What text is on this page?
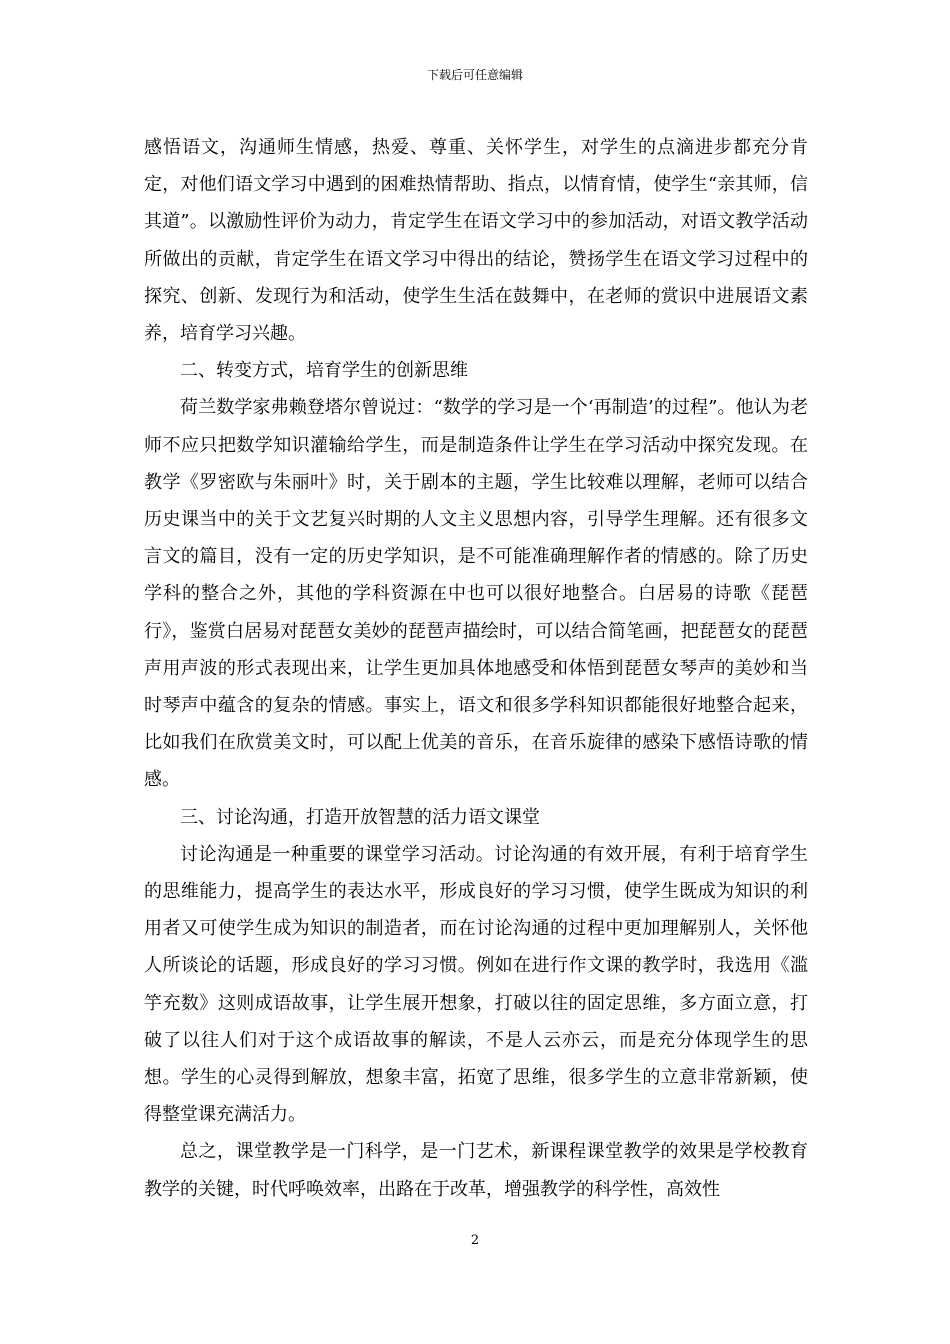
下载后可任意编辑

感悟语文，沟通师生情感，热爱、尊重、关怀学生，对学生的点滴进步都充分肯定，对他们语文学习中遇到的困难热情帮助、指点，以情育情，使学生“亲其师，信其道”。以激励性评价为动力，肯定学生在语文学习中的参加活动，对语文教学活动所做出的贡献，肯定学生在语文学习中得出的结论，赞扬学生在语文学习过程中的探究、创新、发现行为和活动，使学生生活在鼓舞中，在老师的赏识中进展语文素养，培育学习兴趣。

二、转变方式，培育学生的创新思维

荷兰数学家弗赖登塔尔曾说过：“数学的学习是一个‘再制造’的过程”。他认为老师不应只把数学知识灌输给学生，而是制造条件让学生在学习活动中探究发现。在教学《罗密欧与朱丽叶》时，关于剧本的主题，学生比较难以理解，老师可以结合历史课当中的关于文艺复兴时期的人文主义思想内容，引导学生理解。还有很多文言文的篇目，没有一定的历史学知识，是不可能准确理解作者的情感的。除了历史学科的整合之外，其他的学科资源在中也可以很好地整合。白居易的诗歌《琵琶行》，鉴赏白居易对琵琶女美妙的琵琶声描绘时，可以结合简笔画，把琵琶女的琵琶声用声波的形式表现出来，让学生更加具体地感受和体悟到琵琶女琴声的美妙和当时琴声中蕴含的复杂的情感。事实上，语文和很多学科知识都能很好地整合起来，比如我们在欣赏美文时，可以配上优美的音乐，在音乐旋律的感染下感悟诗歌的情感。

三、讨论沟通，打造开放智慧的活力语文课堂

讨论沟通是一种重要的课堂学习活动。讨论沟通的有效开展，有利于培育学生的思维能力，提高学生的表达水平，形成良好的学习习惯，使学生既成为知识的利用者又可使学生成为知识的制造者，而在讨论沟通的过程中更加理解别人，关怀他人所谈论的话题，形成良好的学习习惯。例如在进行作文课的教学时，我选用《滥竽充数》这则成语故事，让学生展开想象，打破以往的固定思维，多方面立意，打破了以往人们对于这个成语故事的解读，不是人云亦云，而是充分体现学生的思想。学生的心灵得到解放，想象丰富，拓宽了思维，很多学生的立意非常新颖，使得整堂课充满活力。

总之，课堂教学是一门科学，是一门艺术，新课程课堂教学的效果是学校教育教学的关键，时代呼唤效率，出路在于改革，增强教学的科学性，高效性

2
